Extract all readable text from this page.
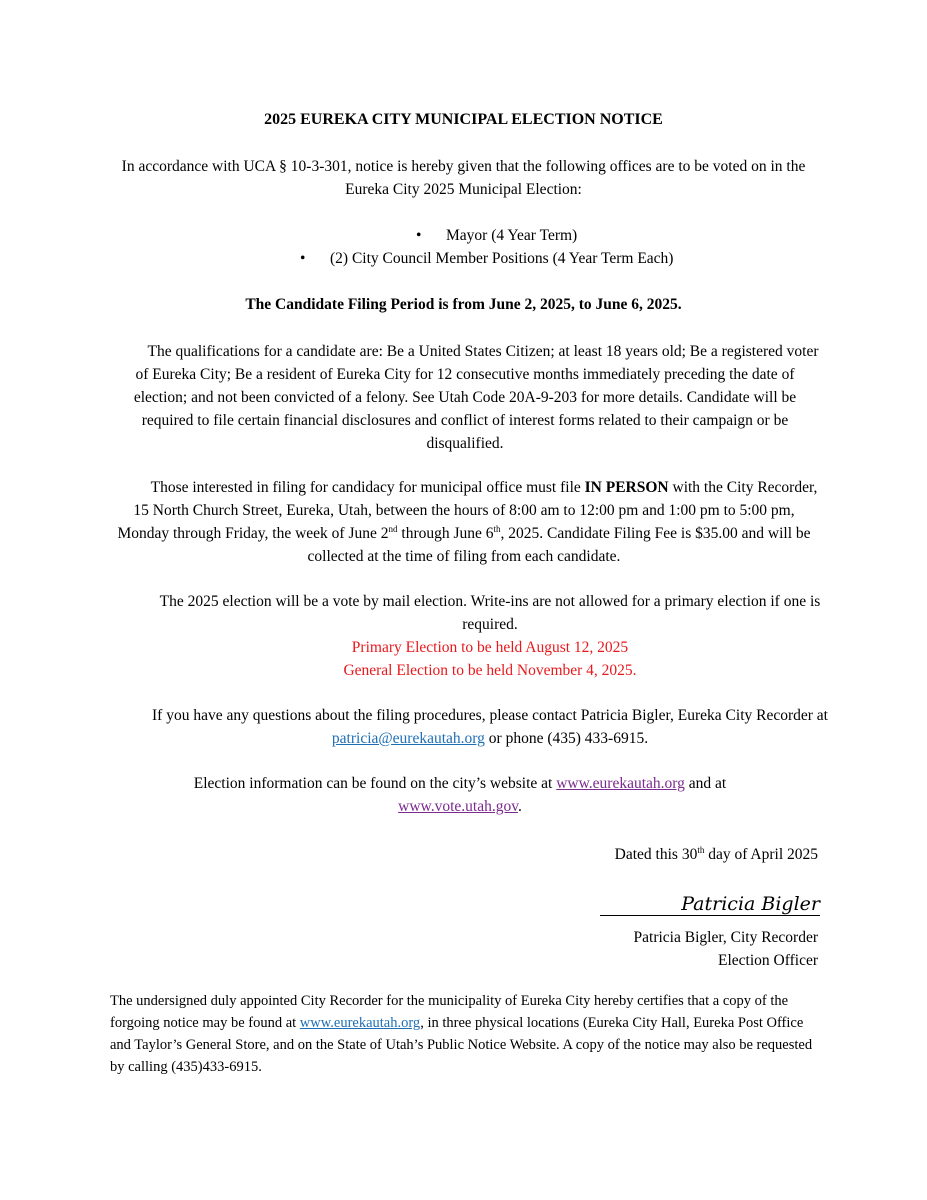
2025 EUREKA CITY MUNICIPAL ELECTION NOTICE
In accordance with UCA § 10-3-301, notice is hereby given that the following offices are to be voted on in the Eureka City 2025 Municipal Election:
• Mayor (4 Year Term)
• (2) City Council Member Positions (4 Year Term Each)
The Candidate Filing Period is from June 2, 2025, to June 6, 2025.
The qualifications for a candidate are: Be a United States Citizen; at least 18 years old; Be a registered voter of Eureka City; Be a resident of Eureka City for 12 consecutive months immediately preceding the date of election; and not been convicted of a felony. See Utah Code 20A-9-203 for more details. Candidate will be required to file certain financial disclosures and conflict of interest forms related to their campaign or be disqualified.
Those interested in filing for candidacy for municipal office must file IN PERSON with the City Recorder, 15 North Church Street, Eureka, Utah, between the hours of 8:00 am to 12:00 pm and 1:00 pm to 5:00 pm, Monday through Friday, the week of June 2nd through June 6th, 2025. Candidate Filing Fee is $35.00 and will be collected at the time of filing from each candidate.
The 2025 election will be a vote by mail election. Write-ins are not allowed for a primary election if one is required.
Primary Election to be held August 12, 2025
General Election to be held November 4, 2025.
If you have any questions about the filing procedures, please contact Patricia Bigler, Eureka City Recorder at patricia@eurekautah.org or phone (435) 433-6915.
Election information can be found on the city’s website at www.eurekautah.org and at
www.vote.utah.gov.
Dated this 30th day of April 2025
Patricia Bigler
Patricia Bigler, City Recorder
Election Officer
The undersigned duly appointed City Recorder for the municipality of Eureka City hereby certifies that a copy of the forgoing notice may be found at www.eurekautah.org, in three physical locations (Eureka City Hall, Eureka Post Office and Taylor’s General Store, and on the State of Utah’s Public Notice Website. A copy of the notice may also be requested by calling (435)433-6915.
